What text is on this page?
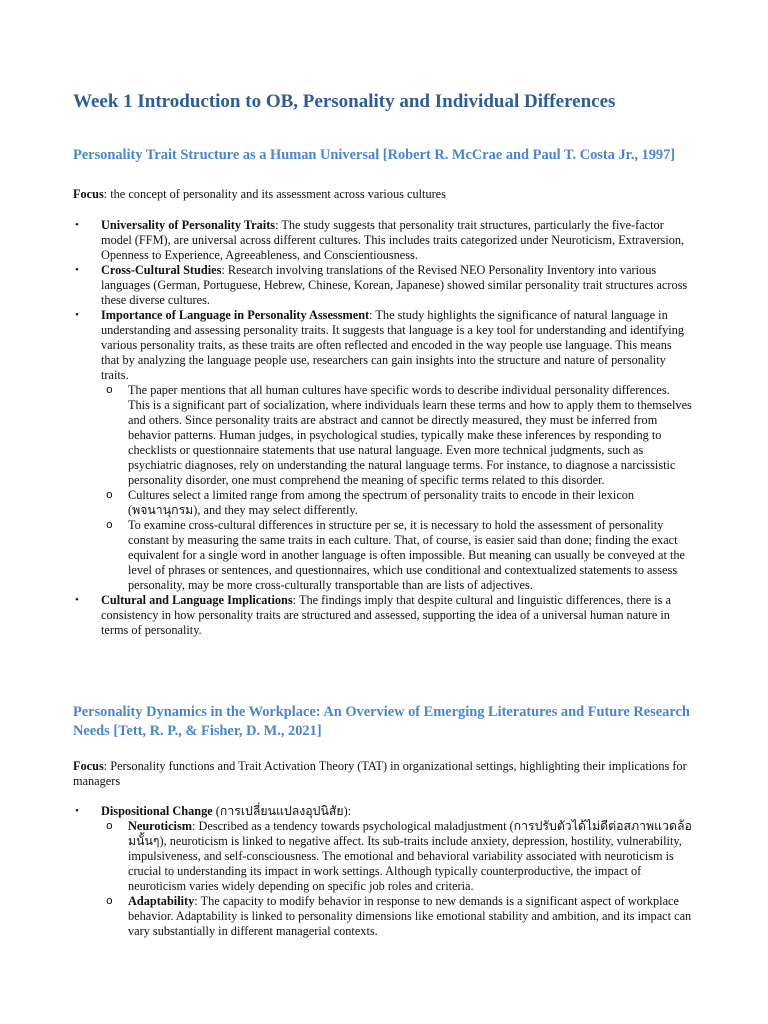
Week 1 Introduction to OB, Personality and Individual Differences
Personality Trait Structure as a Human Universal [Robert R. McCrae and Paul T. Costa Jr., 1997]

Focus: the concept of personality and its assessment across various cultures

• Universality of Personality Traits: The study suggests that personality trait structures, particularly the five-factor model (FFM), are universal across different cultures. This includes traits categorized under Neuroticism, Extraversion, Openness to Experience, Agreeableness, and Conscientiousness.
• Cross-Cultural Studies: Research involving translations of the Revised NEO Personality Inventory into various languages (German, Portuguese, Hebrew, Chinese, Korean, Japanese) showed similar personality trait structures across these diverse cultures.
• Importance of Language in Personality Assessment: The study highlights the significance of natural language in understanding and assessing personality traits. It suggests that language is a key tool for understanding and identifying various personality traits, as these traits are often reflected and encoded in the way people use language. This means that by analyzing the language people use, researchers can gain insights into the structure and nature of personality traits.
o The paper mentions that all human cultures have specific words to describe individual personality differences. This is a significant part of socialization, where individuals learn these terms and how to apply them to themselves and others. Since personality traits are abstract and cannot be directly measured, they must be inferred from behavior patterns. Human judges, in psychological studies, typically make these inferences by responding to checklists or questionnaire statements that use natural language. Even more technical judgments, such as psychiatric diagnoses, rely on understanding the natural language terms. For instance, to diagnose a narcissistic personality disorder, one must comprehend the meaning of specific terms related to this disorder.
o Cultures select a limited range from among the spectrum of personality traits to encode in their lexicon (พจนานุกรม), and they may select differently.
o To examine cross-cultural differences in structure per se, it is necessary to hold the assessment of personality constant by measuring the same traits in each culture. That, of course, is easier said than done; finding the exact equivalent for a single word in another language is often impossible. But meaning can usually be conveyed at the level of phrases or sentences, and questionnaires, which use conditional and contextualized statements to assess personality, may be more cross-culturally transportable than are lists of adjectives.
• Cultural and Language Implications: The findings imply that despite cultural and linguistic differences, there is a consistency in how personality traits are structured and assessed, supporting the idea of a universal human nature in terms of personality.
Personality Dynamics in the Workplace: An Overview of Emerging Literatures and Future Research Needs [Tett, R. P., & Fisher, D. M., 2021]

Focus: Personality functions and Trait Activation Theory (TAT) in organizational settings, highlighting their implications for managers

• Dispositional Change (การเปลี่ยนแปลงอุปนิสัย):
o Neuroticism: Described as a tendency towards psychological maladjustment (การปรับตัวได้ไม่ดีต่อสภาพแวดล้อมนั้นๆ), neuroticism is linked to negative affect. Its sub-traits include anxiety, depression, hostility, vulnerability, impulsiveness, and self-consciousness. The emotional and behavioral variability associated with neuroticism is crucial to understanding its impact in work settings. Although typically counterproductive, the impact of neuroticism varies widely depending on specific job roles and criteria.
o Adaptability: The capacity to modify behavior in response to new demands is a significant aspect of workplace behavior. Adaptability is linked to personality dimensions like emotional stability and ambition, and its impact can vary substantially in different managerial contexts.
